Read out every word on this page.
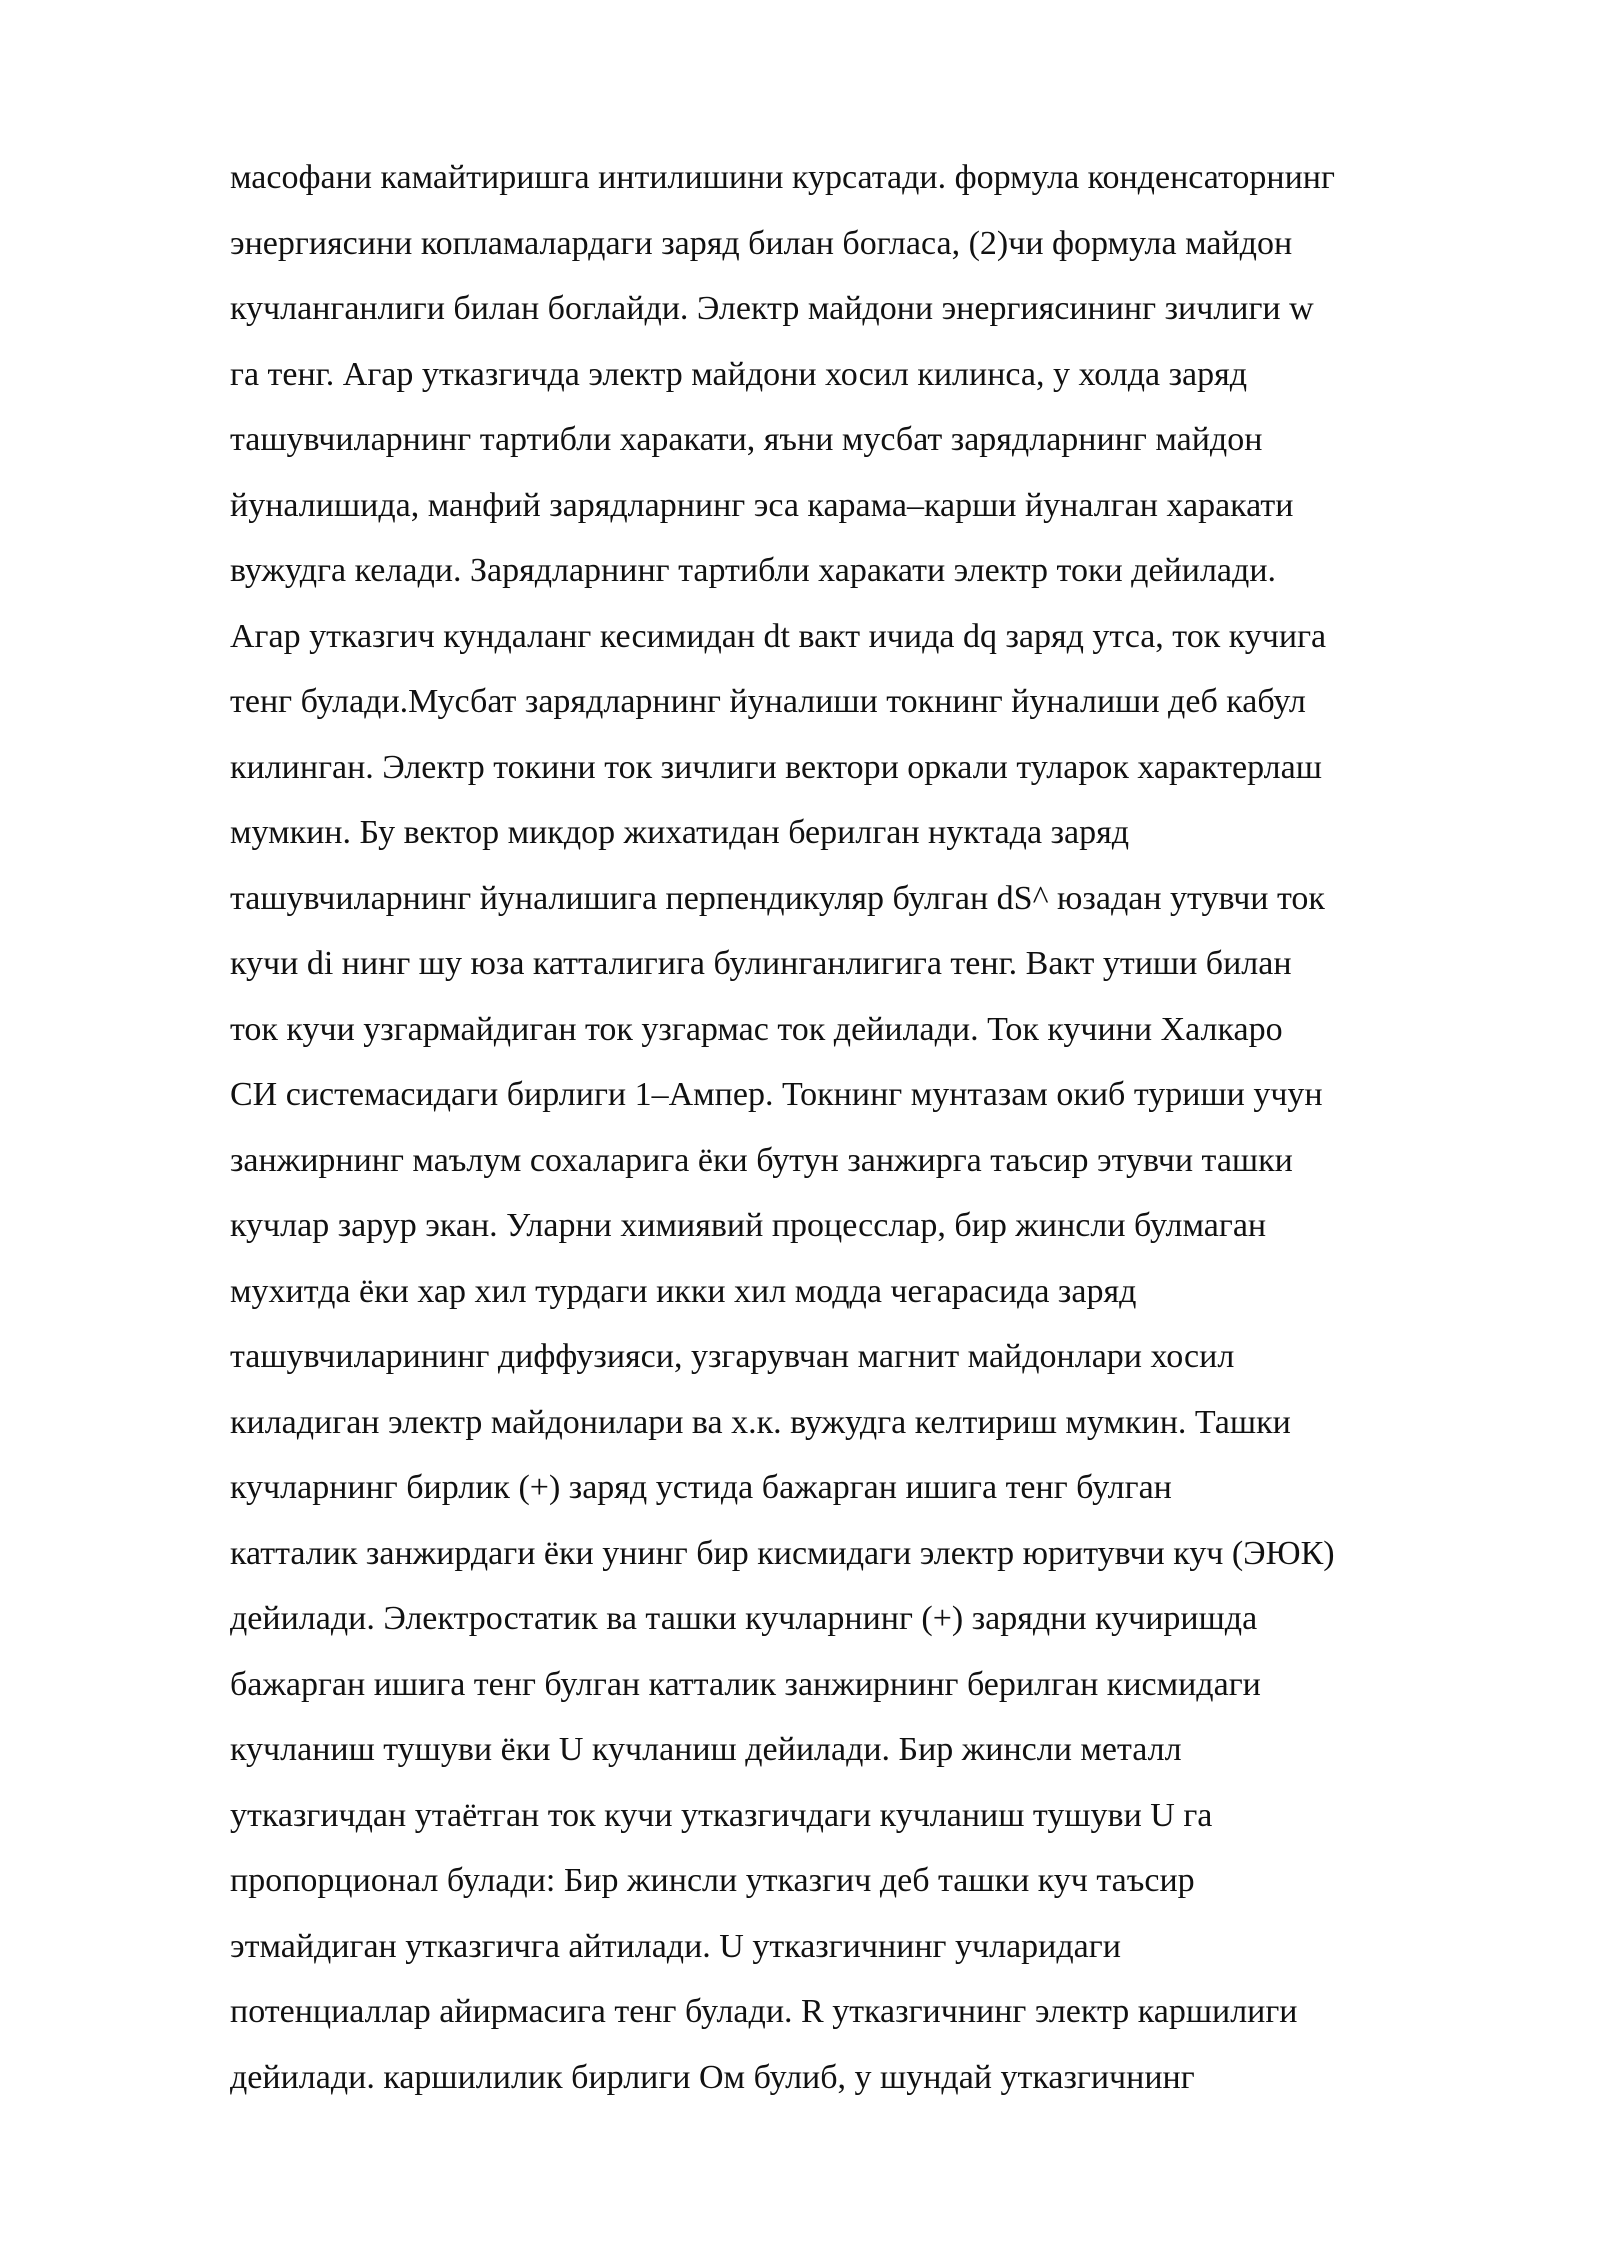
масофани камайтиришга интилишини курсатади. формула конденсаторнинг
энергиясини копламалардаги заряд билан богласа, (2)чи формула майдон
кучланганлиги билан боглайди. Электр майдони энергиясининг зичлиги w
га тенг. Агар утказгичда электр майдони хосил килинса, у холда заряд
ташувчиларнинг тартибли харакати, яъни мусбат зарядларнинг майдон
йуналишида, манфий зарядларнинг эса карама–карши йуналган харакати
вужудга келади. Зарядларнинг тартибли харакати электр токи дейилади.
Агар утказгич кундаланг кесимидан dt вакт ичида dq заряд утса, ток кучига
тенг булади.Мусбат зарядларнинг йуналиши токнинг йуналиши деб кабул
килинган. Электр токини ток зичлиги вектори оркали туларок характерлаш
мумкин. Бу вектор микдор жихатидан берилган нуктада заряд
ташувчиларнинг йуналишига перпендикуляр булган dS^ юзадан утувчи ток
кучи di нинг шу юза катталигига булинганлигига тенг. Вакт утиши билан
ток кучи узгармайдиган ток узгармас ток дейилади. Ток кучини Халкаро
СИ системасидаги бирлиги 1–Ампер. Токнинг мунтазам окиб туриши учун
занжирнинг маълум сохаларига ёки бутун занжирга таъсир этувчи ташки
кучлар зарур экан. Уларни химиявий процесслар, бир жинсли булмаган
мухитда ёки хар хил турдаги икки хил модда чегарасида заряд
ташувчиларининг диффузияси, узгарувчан магнит майдонлари хосил
киладиган электр майдонилари ва х.к. вужудга келтириш мумкин. Ташки
кучларнинг бирлик (+) заряд устида бажарган ишига тенг булган
катталик занжирдаги ёки унинг бир кисмидаги электр юритувчи куч (ЭЮК)
дейилади. Электростатик ва ташки кучларнинг (+) зарядни кучиришда
бажарган ишига тенг булган катталик занжирнинг берилган кисмидаги
кучланиш тушуви ёки U кучланиш дейилади. Бир жинсли металл
утказгичдан утаётган ток кучи утказгичдаги кучланиш тушуви U га
пропорционал булади: Бир жинсли утказгич деб ташки куч таъсир
этмайдиган утказгичга айтилади. U утказгичнинг учларидаги
потенциаллар айирмасига тенг булади. R утказгичнинг электр каршилиги
дейилади. каршилилик бирлиги Ом булиб, у шундай утказгичнинг
